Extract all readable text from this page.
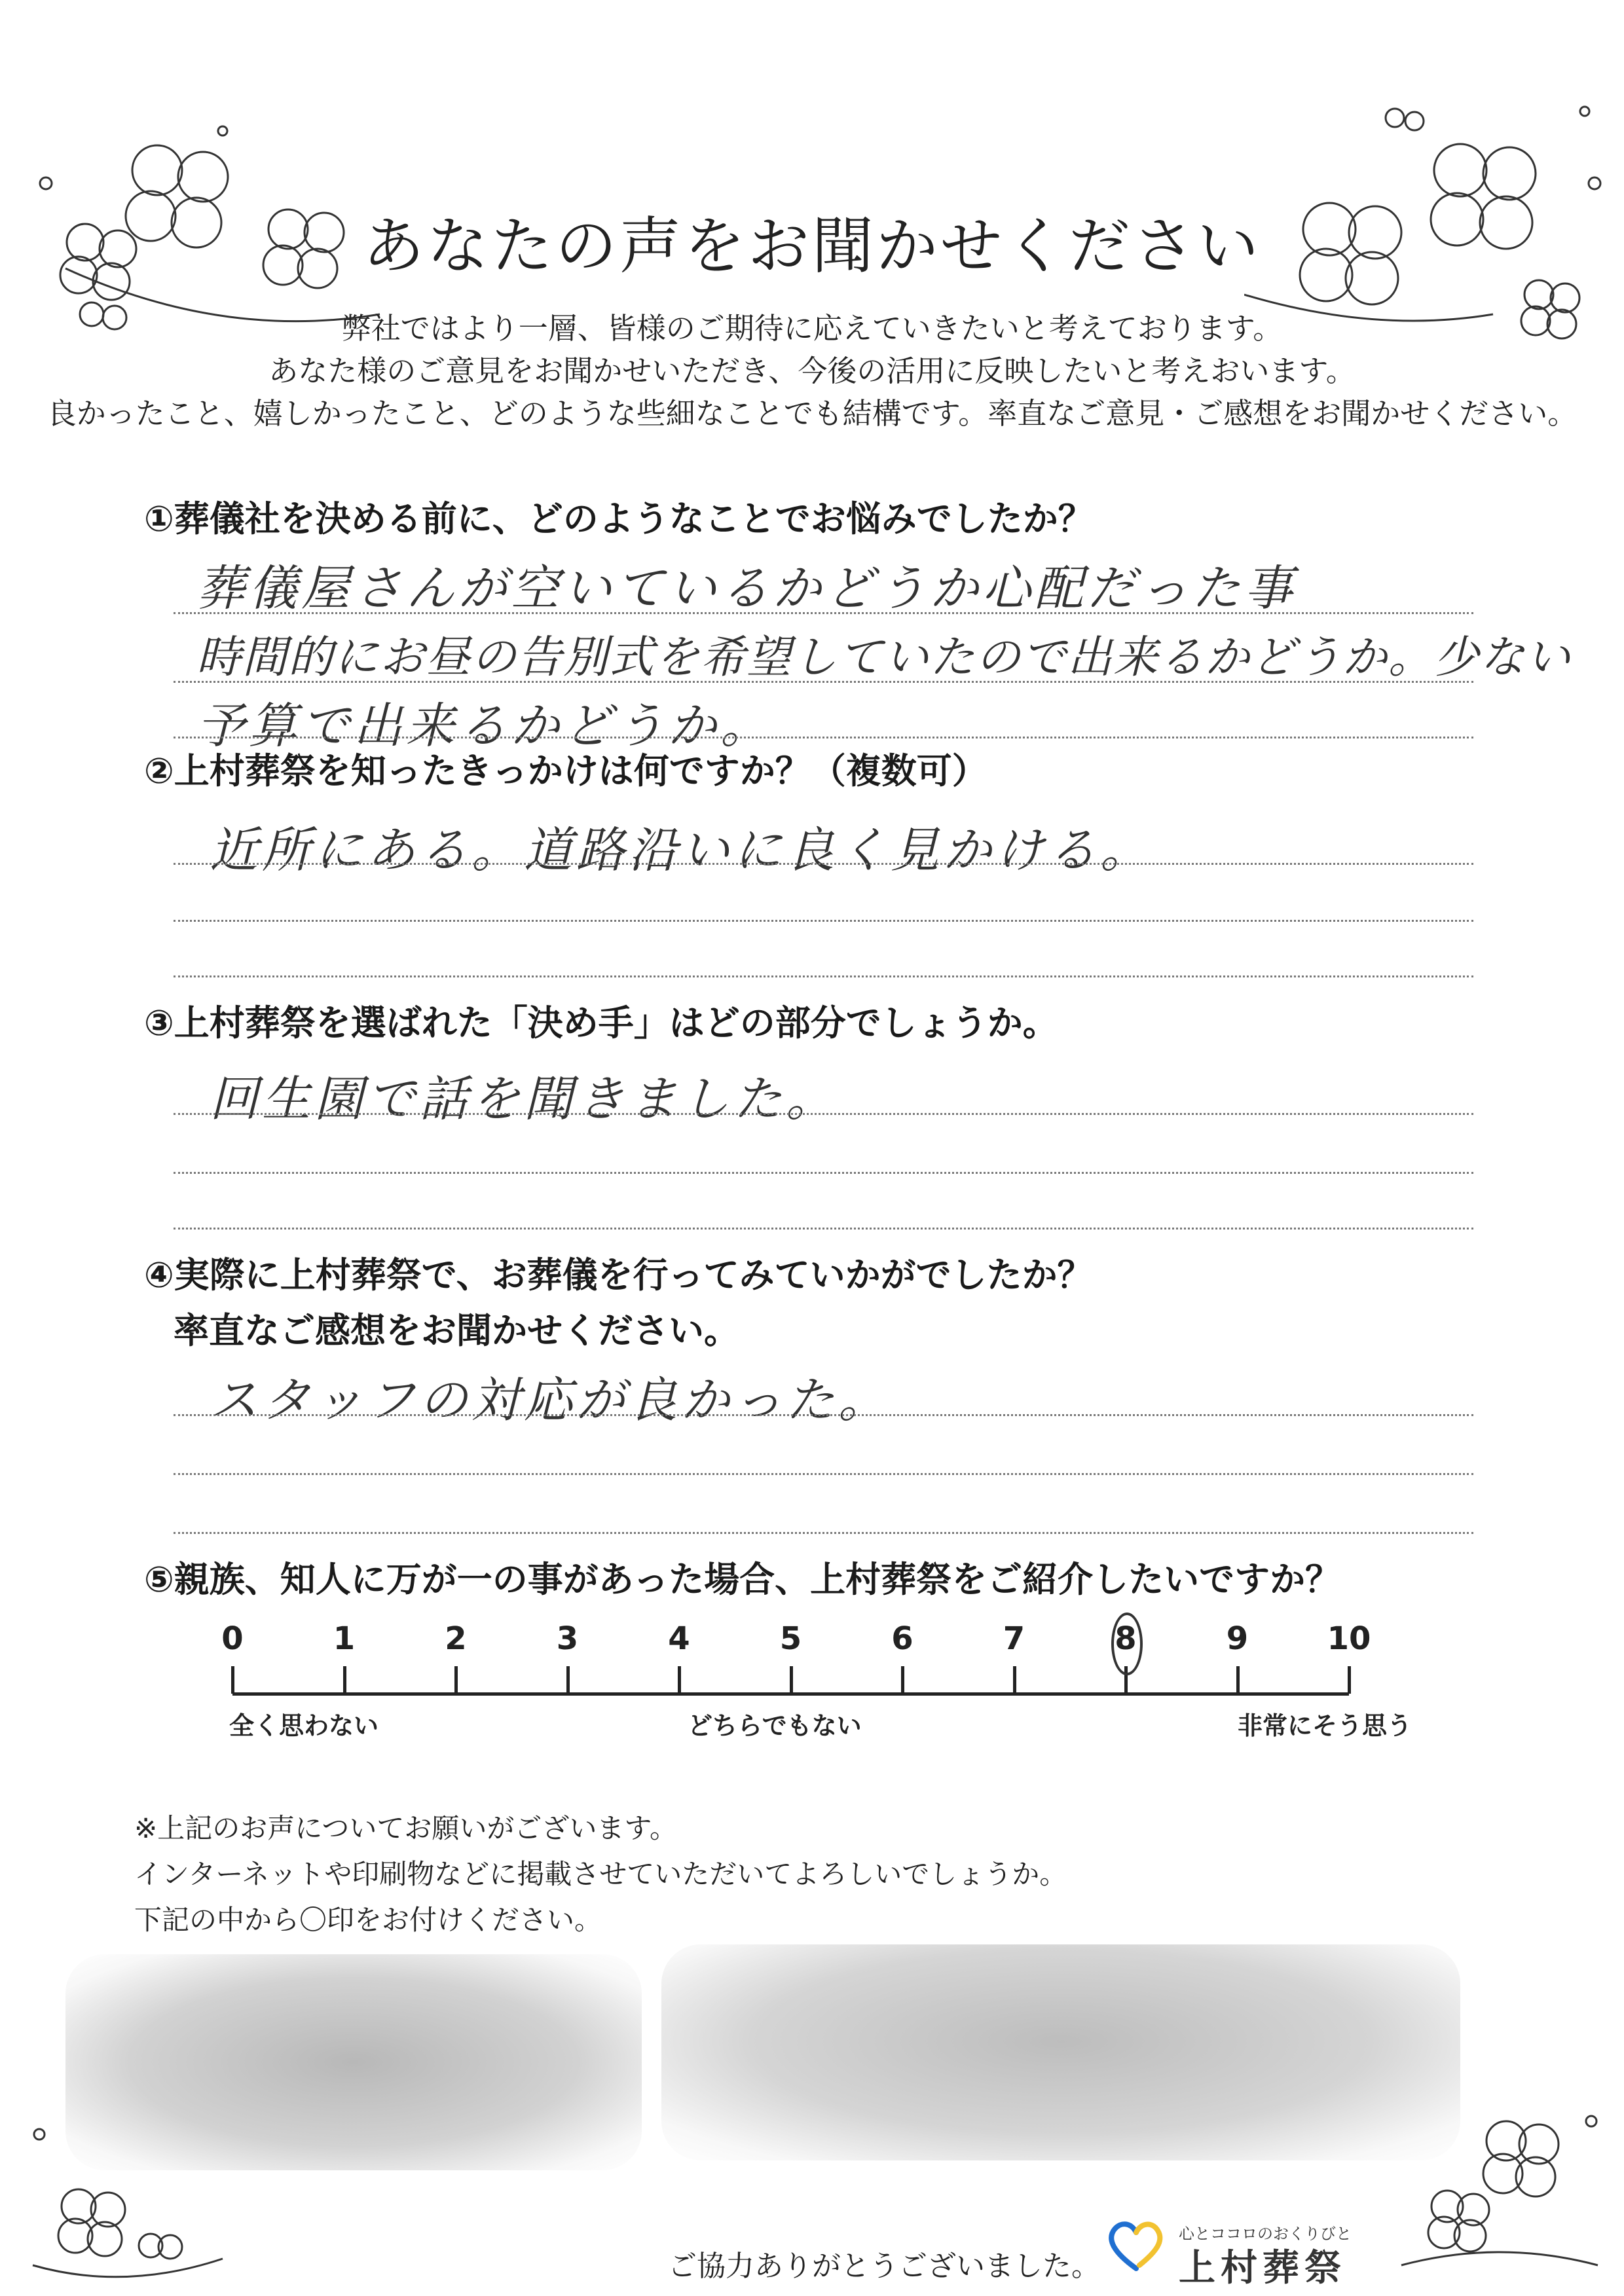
あなたの声をお聞かせください
弊社ではより一層、皆様のご期待に応えていきたいと考えております。
あなた様のご意見をお聞かせいただき、今後の活用に反映したいと考えおいます。
良かったこと、嬉しかったこと、どのような些細なことでも結構です。率直なご意見・ご感想をお聞かせください。
①葬儀社を決める前に、どのようなことでお悩みでしたか？
葬儀屋さんが空いているかどうか心配だった事
時間的にお昼の告別式を希望していたので出来るかどうか。少ない
予算で出来るかどうか。
②上村葬祭を知ったきっかけは何ですか？（複数可）
近所にある。道路沿いに良く見かける。
③上村葬祭を選ばれた「決め手」はどの部分でしょうか。
回生園で話を聞きました。
④実際に上村葬祭で、お葬儀を行ってみていかがでしたか？
率直なご感想をお聞かせください。
スタッフの対応が良かった。
⑤親族、知人に万が一の事があった場合、上村葬祭をご紹介したいですか？
0	1	2	3	4	5	6	7	8	9	10
全く思わない	どちらでもない	非常にそう思う
※上記のお声についてお願いがございます。
インターネットや印刷物などに掲載させていただいてよろしいでしょうか。
下記の中から〇印をお付けください。
ご協力ありがとうございました。
心とココロのおくりびと
上村葬祭
